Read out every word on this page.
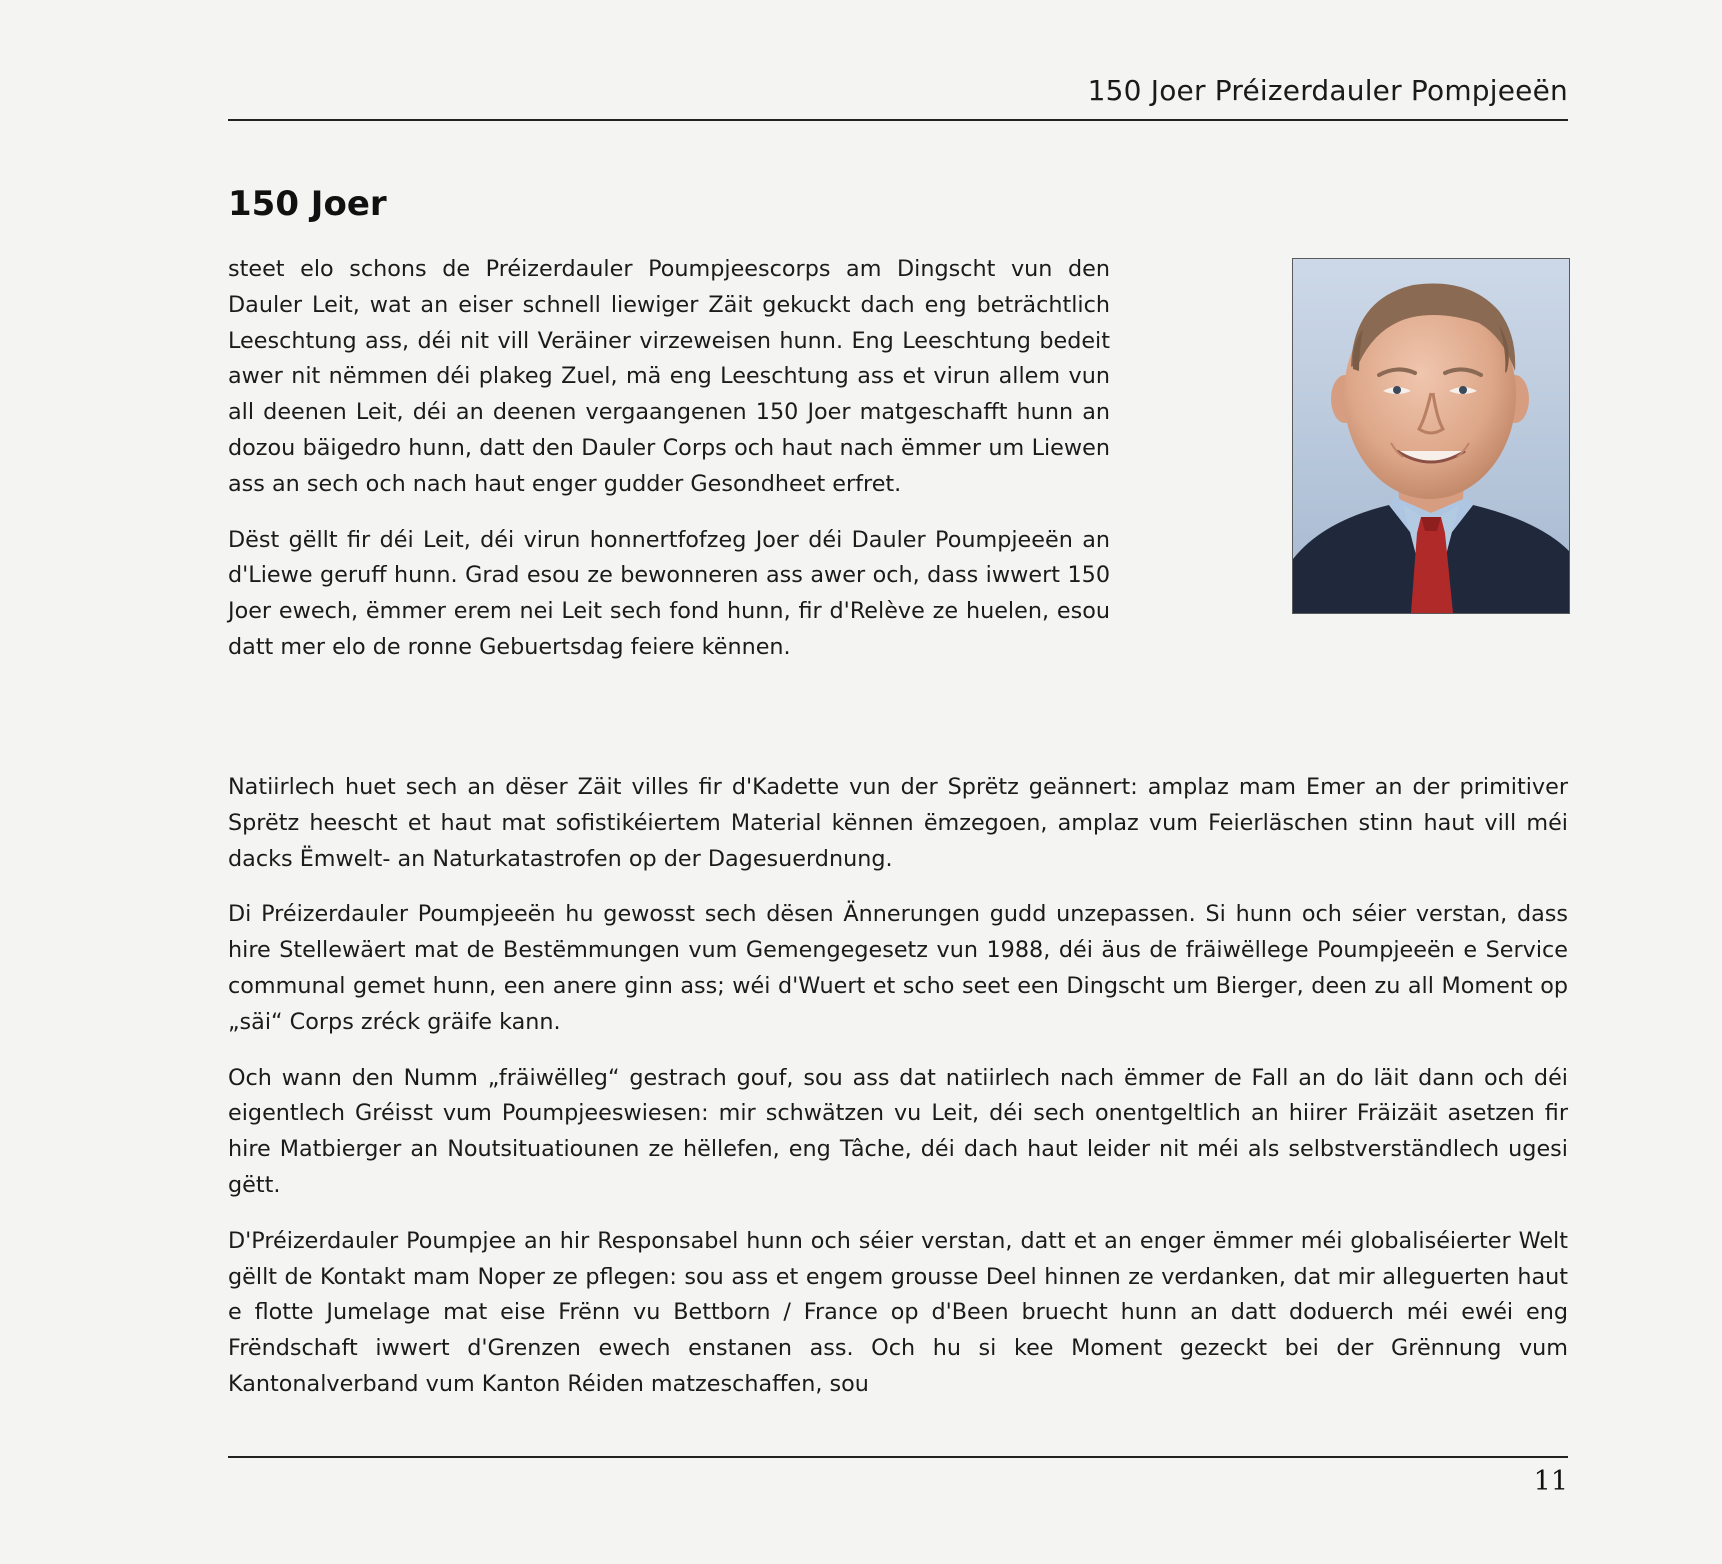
150 Joer Préizerdauler Pompjeeën
150 Joer

steet elo schons de Préizerdauler Poumpjeescorps am Dingscht vun den Dauler Leit, wat an eiser schnell liewiger Zäit gekuckt dach eng beträchtlich Leeschtung ass, déi nit vill Veräiner virzeweisen hunn. Eng Leeschtung bedeit awer nit nëmmen déi plakeg Zuel, mä eng Leeschtung ass et virun allem vun all deenen Leit, déi an deenen vergaangenen 150 Joer matgeschafft hunn an dozou bäigedro hunn, datt den Dauler Corps och haut nach ëmmer um Liewen ass an sech och nach haut enger gudder Gesondheet erfret.

Dëst gëllt fir déi Leit, déi virun honnertfofzeg Joer déi Dauler Poumpjeeën an d'Liewe geruff hunn. Grad esou ze bewonneren ass awer och, dass iwwert 150 Joer ewech, ëmmer erem nei Leit sech fond hunn, fir d'Relève ze huelen, esou datt mer elo de ronne Gebuertsdag feiere kënnen.

Natiirlech huet sech an dëser Zäit villes fir d'Kadette vun der Sprëtz geännert: amplaz mam Emer an der primitiver Sprëtz heescht et haut mat sofistikéiertem Material kënnen ëmzegoen, amplaz vum Feierläschen stinn haut vill méi dacks Ëmwelt- an Naturkatastrofen op der Dagesuerdnung.

Di Préizerdauler Poumpjeeën hu gewosst sech dësen Ännerungen gudd unzepassen. Si hunn och séier verstan, dass hire Stellewäert mat de Bestëmmungen vum Gemengegesetz vun 1988, déi äus de fräiwëllege Poumpjeeën e Service communal gemet hunn, een anere ginn ass; wéi d'Wuert et scho seet een Dingscht um Bierger, deen zu all Moment op „säi“ Corps zréck gräife kann.

Och wann den Numm „fräiwëlleg“ gestrach gouf, sou ass dat natiirlech nach ëmmer de Fall an do läit dann och déi eigentlech Gréisst vum Poumpjeeswiesen: mir schwätzen vu Leit, déi sech onentgeltlich an hiirer Fräizäit asetzen fir hire Matbierger an Noutsituatiounen ze hëllefen, eng Tâche, déi dach haut leider nit méi als selbstverständlech ugesi gëtt.

D'Préizerdauler Poumpjee an hir Responsabel hunn och séier verstan, datt et an enger ëmmer méi globaliséierter Welt gëllt de Kontakt mam Noper ze pflegen: sou ass et engem grousse Deel hinnen ze verdanken, dat mir alleguerten haut e flotte Jumelage mat eise Frënn vu Bettborn / France op d'Been bruecht hunn an datt doduerch méi ewéi eng Frëndschaft iwwert d'Grenzen ewech enstanen ass. Och hu si kee Moment gezeckt bei der Grënnung vum Kantonalverband vum Kanton Réiden matzeschaffen, sou

11
